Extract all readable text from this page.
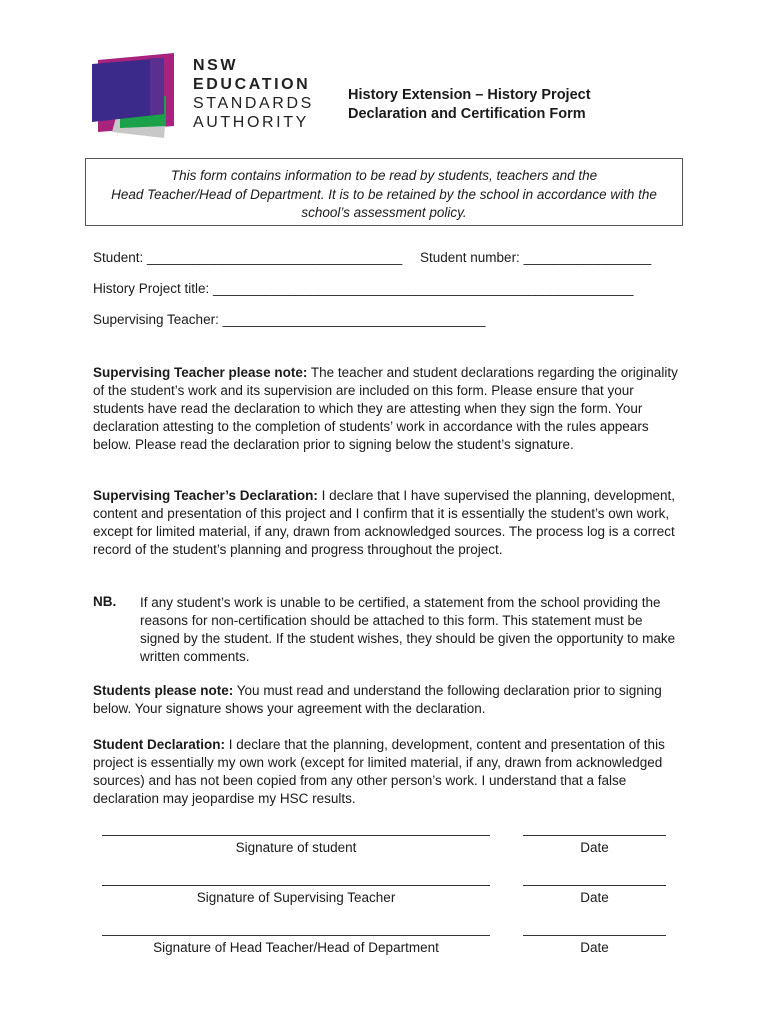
NSW
EDUCATION
STANDARDS
AUTHORITY
History Extension – History Project
Declaration and Certification Form
This form contains information to be read by students, teachers and the
Head Teacher/Head of Department. It is to be retained by the school in accordance with the
school’s assessment policy.
Student: __________________________________ Student number: _________________
History Project title: ________________________________________________________
Supervising Teacher: ___________________________________
Supervising Teacher please note: The teacher and student declarations regarding the originality of the student’s work and its supervision are included on this form. Please ensure that your students have read the declaration to which they are attesting when they sign the form. Your declaration attesting to the completion of students’ work in accordance with the rules appears below. Please read the declaration prior to signing below the student’s signature.
Supervising Teacher’s Declaration: I declare that I have supervised the planning, development, content and presentation of this project and I confirm that it is essentially the student’s own work, except for limited material, if any, drawn from acknowledged sources. The process log is a correct record of the student’s planning and progress throughout the project.
NB. If any student’s work is unable to be certified, a statement from the school providing the reasons for non-certification should be attached to this form. This statement must be signed by the student. If the student wishes, they should be given the opportunity to make written comments.
Students please note: You must read and understand the following declaration prior to signing below. Your signature shows your agreement with the declaration.
Student Declaration: I declare that the planning, development, content and presentation of this project is essentially my own work (except for limited material, if any, drawn from acknowledged sources) and has not been copied from any other person’s work. I understand that a false declaration may jeopardise my HSC results.
Signature of student	Date
Signature of Supervising Teacher	Date
Signature of Head Teacher/Head of Department	Date
